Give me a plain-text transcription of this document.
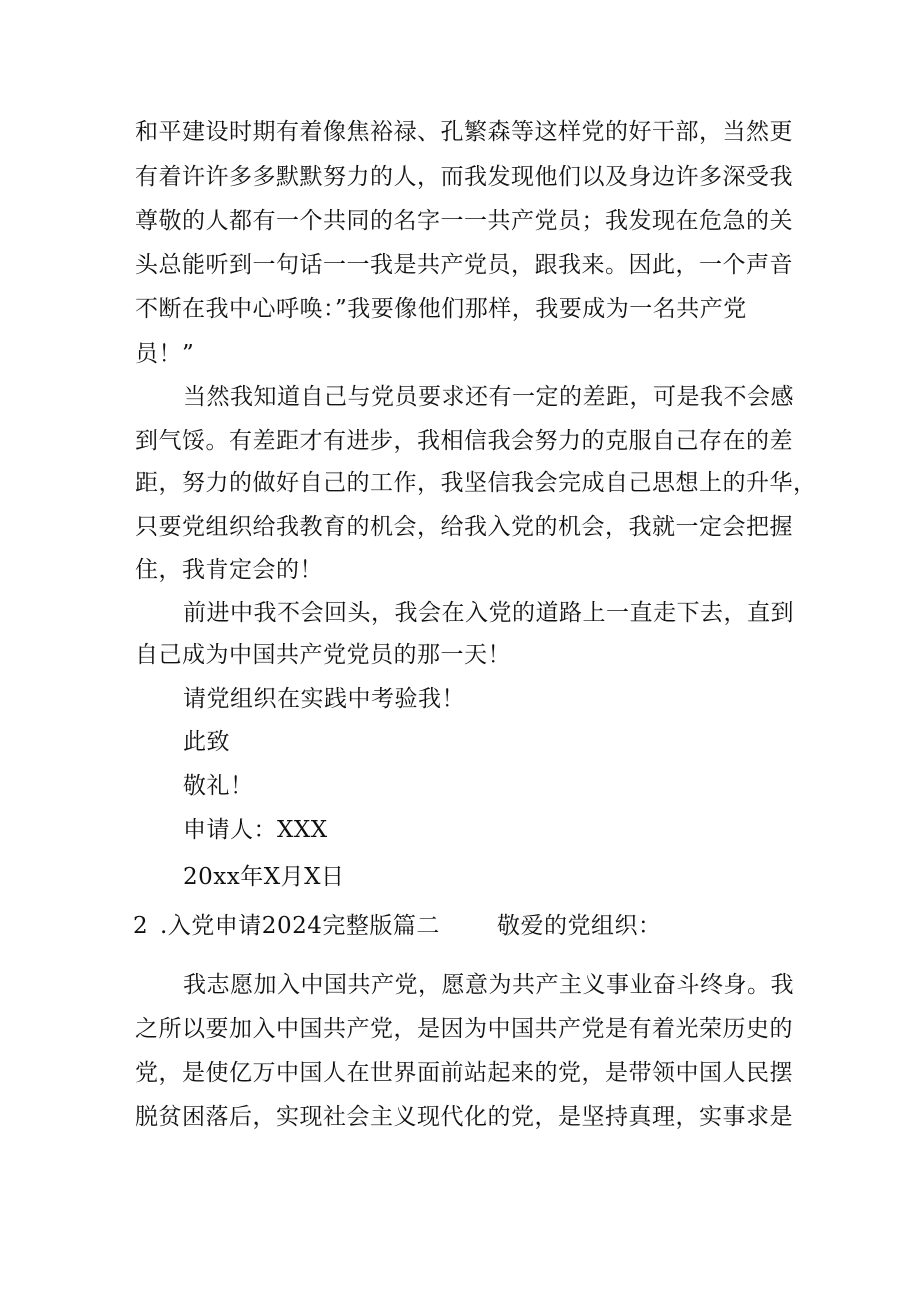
和平建设时期有着像焦裕禄、孔繁森等这样党的好干部，当然更
有着许许多多默默努力的人，而我发现他们以及身边许多深受我
尊敬的人都有一个共同的名字一一共产党员；我发现在危急的关
头总能听到一句话一一我是共产党员，跟我来。因此，一个声音
不断在我中心呼唤：”我要像他们那样，我要成为一名共产党
员！”
当然我知道自己与党员要求还有一定的差距，可是我不会感
到气馁。有差距才有进步，我相信我会努力的克服自己存在的差
距，努力的做好自己的工作，我坚信我会完成自己思想上的升华，
只要党组织给我教育的机会，给我入党的机会，我就一定会把握
住，我肯定会的！
前进中我不会回头，我会在入党的道路上一直走下去，直到
自己成为中国共产党党员的那一天！
请党组织在实践中考验我！
此致
敬礼！
申请人：XXX
20xx年X月X日
2 .入党申请2024完整版篇二 敬爱的党组织：
我志愿加入中国共产党，愿意为共产主义事业奋斗终身。我
之所以要加入中国共产党，是因为中国共产党是有着光荣历史的
党，是使亿万中国人在世界面前站起来的党，是带领中国人民摆
脱贫困落后，实现社会主义现代化的党，是坚持真理，实事求是
